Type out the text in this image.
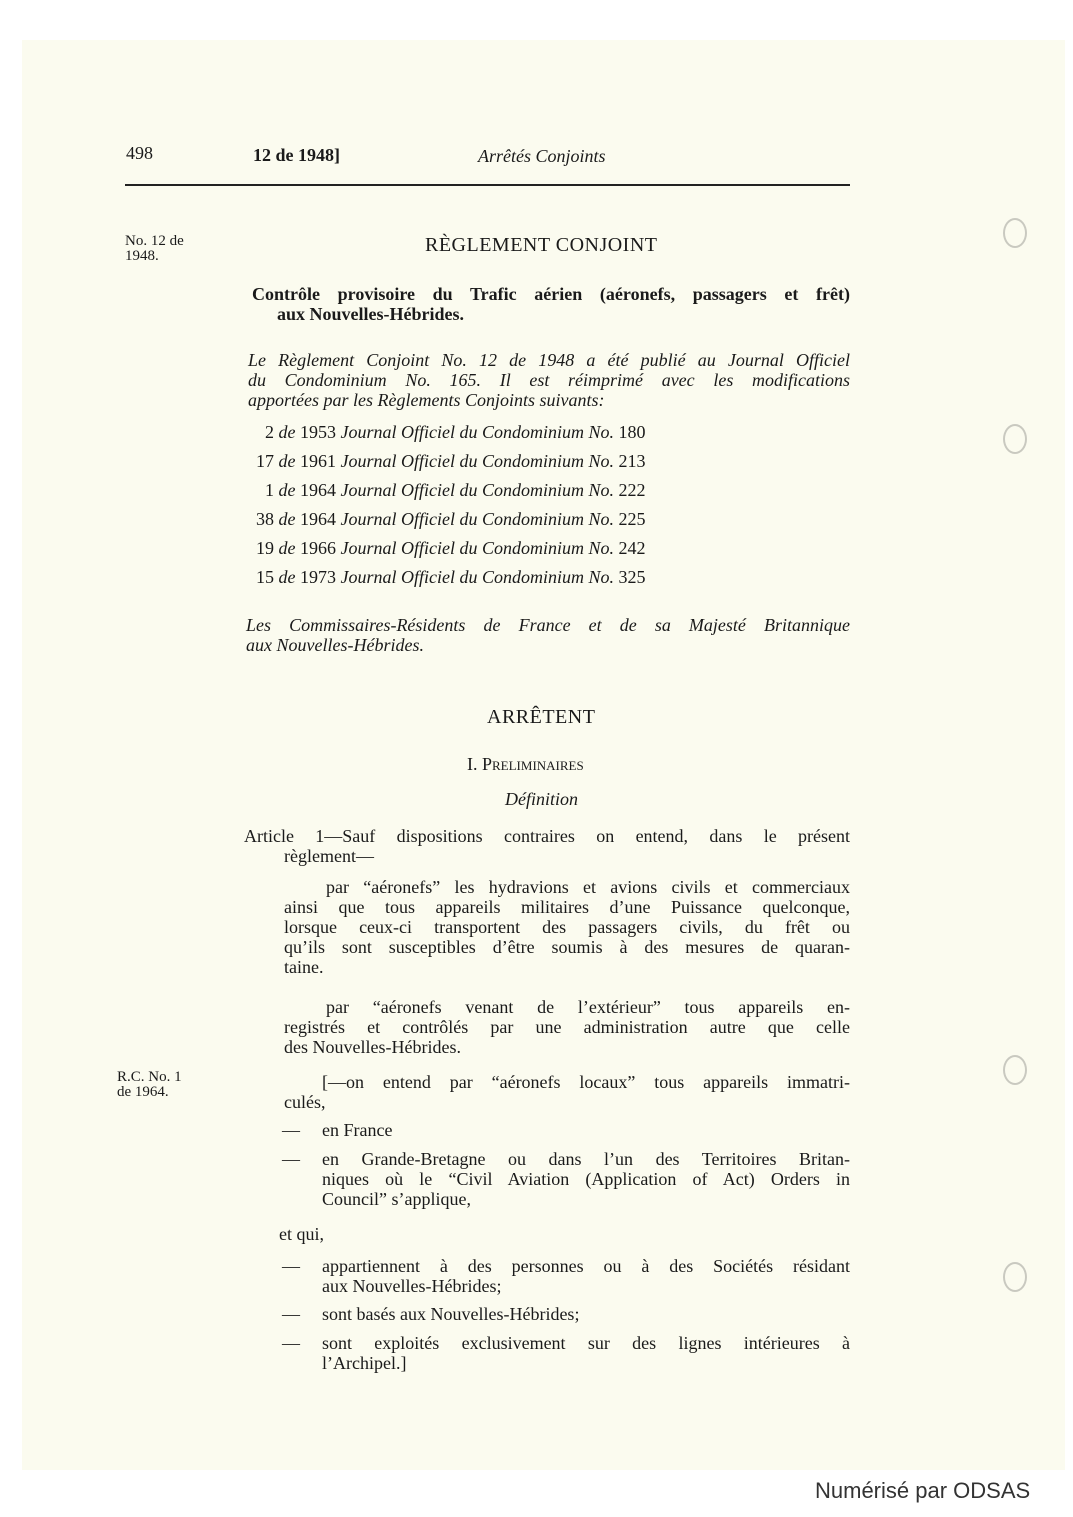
498	12 de 1948]	Arrêtés Conjoints
No. 12 de
1948.
R.C. No. 1
de 1964.
RÈGLEMENT CONJOINT
Contrôle provisoire du Trafic aérien (aéronefs, passagers et frêt)
aux Nouvelles-Hébrides.
Le Règlement Conjoint No. 12 de 1948 a été publié au Journal Officiel
du Condominium No. 165. Il est réimprimé avec les modifications
apportées par les Règlements Conjoints suivants:
2 de 1953 Journal Officiel du Condominium No. 180
17 de 1961 Journal Officiel du Condominium No. 213
1 de 1964 Journal Officiel du Condominium No. 222
38 de 1964 Journal Officiel du Condominium No. 225
19 de 1966 Journal Officiel du Condominium No. 242
15 de 1973 Journal Officiel du Condominium No. 325
Les Commissaires-Résidents de France et de sa Majesté Britannique
aux Nouvelles-Hébrides.
ARRÊTENT
I. Preliminaires
Définition
Article 1—Sauf dispositions contraires on entend, dans le présent
règlement—
par “aéronefs” les hydravions et avions civils et commerciaux
ainsi que tous appareils militaires d’une Puissance quelconque,
lorsque ceux-ci transportent des passagers civils, du frêt ou
qu’ils sont susceptibles d’être soumis à des mesures de quaran-
taine.
par “aéronefs venant de l’extérieur” tous appareils en-
registrés et contrôlés par une administration autre que celle
des Nouvelles-Hébrides.
[—on entend par “aéronefs locaux” tous appareils immatri-
culés,
—	en France
—	en Grande-Bretagne ou dans l’un des Territoires Britan-
niques où le “Civil Aviation (Application of Act) Orders in
Council” s’applique,
et qui,
—	appartiennent à des personnes ou à des Sociétés résidant
aux Nouvelles-Hébrides;
—	sont basés aux Nouvelles-Hébrides;
—	sont exploités exclusivement sur des lignes intérieures à
l’Archipel.]
Numérisé par ODSAS
